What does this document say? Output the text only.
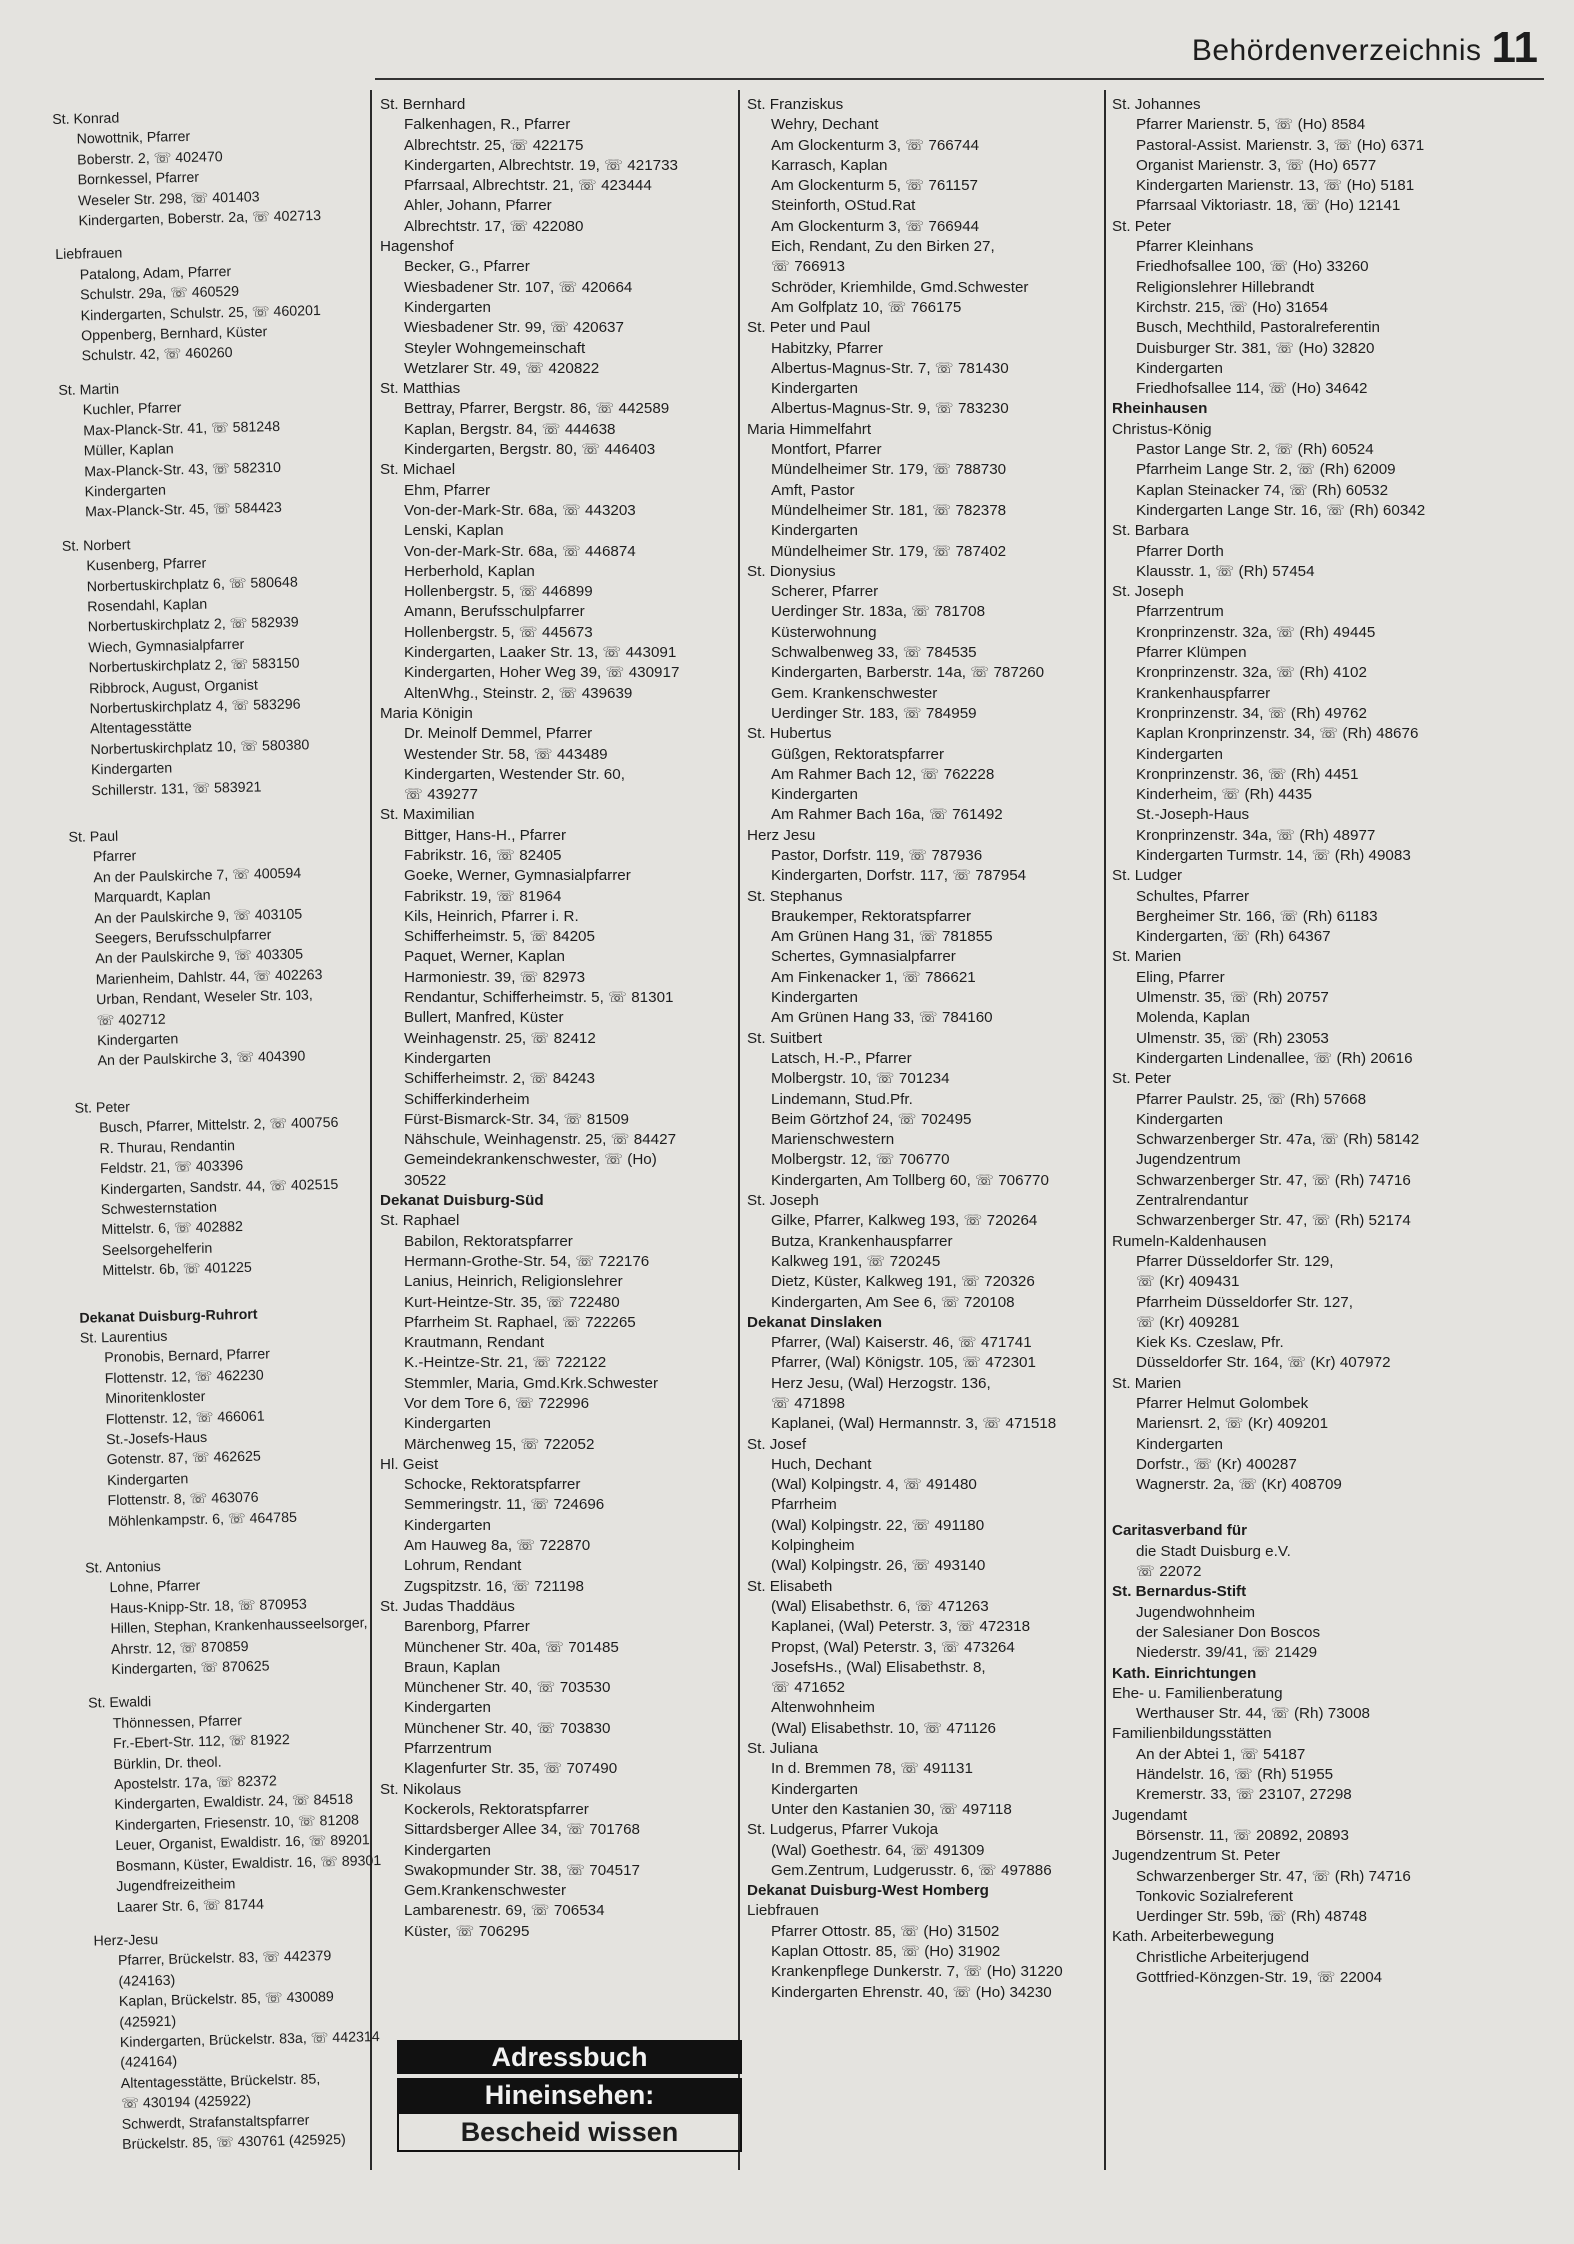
Behördenverzeichnis 11
St. Konrad
Nowottnik, Pfarrer
Boberstr. 2, ☏ 402470
Bornkessel, Pfarrer
Weseler Str. 298, ☏ 401403
Kindergarten, Boberstr. 2a, ☏ 402713
Liebfrauen
Patalong, Adam, Pfarrer
Schulstr. 29a, ☏ 460529
Kindergarten, Schulstr. 25, ☏ 460201
Oppenberg, Bernhard, Küster
Schulstr. 42, ☏ 460260
St. Martin
Kuchler, Pfarrer
Max-Planck-Str. 41, ☏ 581248
Müller, Kaplan
Max-Planck-Str. 43, ☏ 582310
Kindergarten
Max-Planck-Str. 45, ☏ 584423
St. Norbert
Kusenberg, Pfarrer
Norbertuskirchplatz 6, ☏ 580648
Rosendahl, Kaplan
Norbertuskirchplatz 2, ☏ 582939
Wiech, Gymnasialpfarrer
Norbertuskirchplatz 2, ☏ 583150
Ribbrock, August, Organist
Norbertuskirchplatz 4, ☏ 583296
Altentagesstätte
Norbertuskirchplatz 10, ☏ 580380
Kindergarten
Schillerstr. 131, ☏ 583921
St. Paul
Pfarrer
An der Paulskirche 7, ☏ 400594
Marquardt, Kaplan
An der Paulskirche 9, ☏ 403105
Seegers, Berufsschulpfarrer
An der Paulskirche 9, ☏ 403305
Marienheim, Dahlstr. 44, ☏ 402263
Urban, Rendant, Weseler Str. 103,
☏ 402712
Kindergarten
An der Paulskirche 3, ☏ 404390
St. Peter
Busch, Pfarrer, Mittelstr. 2, ☏ 400756
R. Thurau, Rendantin
Feldstr. 21, ☏ 403396
Kindergarten, Sandstr. 44, ☏ 402515
Schwesternstation
Mittelstr. 6, ☏ 402882
Seelsorgehelferin
Mittelstr. 6b, ☏ 401225
Dekanat Duisburg-Ruhrort
St. Laurentius
Pronobis, Bernard, Pfarrer
Flottenstr. 12, ☏ 462230
Minoritenkloster
Flottenstr. 12, ☏ 466061
St.-Josefs-Haus
Gotenstr. 87, ☏ 462625
Kindergarten
Flottenstr. 8, ☏ 463076
Möhlenkampstr. 6, ☏ 464785
St. Antonius
Lohne, Pfarrer
Haus-Knipp-Str. 18, ☏ 870953
Hillen, Stephan, Krankenhausseelsorger,
Ahrstr. 12, ☏ 870859
Kindergarten, ☏ 870625
St. Ewaldi
Thönnessen, Pfarrer
Fr.-Ebert-Str. 112, ☏ 81922
Bürklin, Dr. theol.
Apostelstr. 17a, ☏ 82372
Kindergarten, Ewaldistr. 24, ☏ 84518
Kindergarten, Friesenstr. 10, ☏ 81208
Leuer, Organist, Ewaldistr. 16, ☏ 89201
Bosmann, Küster, Ewaldistr. 16, ☏ 89301
Jugendfreizeitheim
Laarer Str. 6, ☏ 81744
Herz-Jesu
Pfarrer, Brückelstr. 83, ☏ 442379
(424163)
Kaplan, Brückelstr. 85, ☏ 430089
(425921)
Kindergarten, Brückelstr. 83a, ☏ 442314
(424164)
Altentagesstätte, Brückelstr. 85,
☏ 430194 (425922)
Schwerdt, Strafanstaltspfarrer
Brückelstr. 85, ☏ 430761 (425925)
St. Bernhard
Falkenhagen, R., Pfarrer
Albrechtstr. 25, ☏ 422175
Kindergarten, Albrechtstr. 19, ☏ 421733
Pfarrsaal, Albrechtstr. 21, ☏ 423444
Ahler, Johann, Pfarrer
Albrechtstr. 17, ☏ 422080
Hagenshof
Becker, G., Pfarrer
Wiesbadener Str. 107, ☏ 420664
Kindergarten
Wiesbadener Str. 99, ☏ 420637
Steyler Wohngemeinschaft
Wetzlarer Str. 49, ☏ 420822
St. Matthias
Bettray, Pfarrer, Bergstr. 86, ☏ 442589
Kaplan, Bergstr. 84, ☏ 444638
Kindergarten, Bergstr. 80, ☏ 446403
St. Michael
Ehm, Pfarrer
Von-der-Mark-Str. 68a, ☏ 443203
Lenski, Kaplan
Von-der-Mark-Str. 68a, ☏ 446874
Herberhold, Kaplan
Hollenbergstr. 5, ☏ 446899
Amann, Berufsschulpfarrer
Hollenbergstr. 5, ☏ 445673
Kindergarten, Laaker Str. 13, ☏ 443091
Kindergarten, Hoher Weg 39, ☏ 430917
AltenWhg., Steinstr. 2, ☏ 439639
Maria Königin
Dr. Meinolf Demmel, Pfarrer
Westender Str. 58, ☏ 443489
Kindergarten, Westender Str. 60,
☏ 439277
St. Maximilian
Bittger, Hans-H., Pfarrer
Fabrikstr. 16, ☏ 82405
Goeke, Werner, Gymnasialpfarrer
Fabrikstr. 19, ☏ 81964
Kils, Heinrich, Pfarrer i. R.
Schifferheimstr. 5, ☏ 84205
Paquet, Werner, Kaplan
Harmoniestr. 39, ☏ 82973
Rendantur, Schifferheimstr. 5, ☏ 81301
Bullert, Manfred, Küster
Weinhagenstr. 25, ☏ 82412
Kindergarten
Schifferheimstr. 2, ☏ 84243
Schifferkinderheim
Fürst-Bismarck-Str. 34, ☏ 81509
Nähschule, Weinhagenstr. 25, ☏ 84427
Gemeindekrankenschwester, ☏ (Ho)
30522
Dekanat Duisburg-Süd
St. Raphael
Babilon, Rektoratspfarrer
Hermann-Grothe-Str. 54, ☏ 722176
Lanius, Heinrich, Religionslehrer
Kurt-Heintze-Str. 35, ☏ 722480
Pfarrheim St. Raphael, ☏ 722265
Krautmann, Rendant
K.-Heintze-Str. 21, ☏ 722122
Stemmler, Maria, Gmd.Krk.Schwester
Vor dem Tore 6, ☏ 722996
Kindergarten
Märchenweg 15, ☏ 722052
Hl. Geist
Schocke, Rektoratspfarrer
Semmeringstr. 11, ☏ 724696
Kindergarten
Am Hauweg 8a, ☏ 722870
Lohrum, Rendant
Zugspitzstr. 16, ☏ 721198
St. Judas Thaddäus
Barenborg, Pfarrer
Münchener Str. 40a, ☏ 701485
Braun, Kaplan
Münchener Str. 40, ☏ 703530
Kindergarten
Münchener Str. 40, ☏ 703830
Pfarrzentrum
Klagenfurter Str. 35, ☏ 707490
St. Nikolaus
Kockerols, Rektoratspfarrer
Sittardsberger Allee 34, ☏ 701768
Kindergarten
Swakopmunder Str. 38, ☏ 704517
Gem.Krankenschwester
Lambarenestr. 69, ☏ 706534
Küster, ☏ 706295
St. Franziskus
Wehry, Dechant
Am Glockenturm 3, ☏ 766744
Karrasch, Kaplan
Am Glockenturm 5, ☏ 761157
Steinforth, OStud.Rat
Am Glockenturm 3, ☏ 766944
Eich, Rendant, Zu den Birken 27,
☏ 766913
Schröder, Kriemhilde, Gmd.Schwester
Am Golfplatz 10, ☏ 766175
St. Peter und Paul
Habitzky, Pfarrer
Albertus-Magnus-Str. 7, ☏ 781430
Kindergarten
Albertus-Magnus-Str. 9, ☏ 783230
Maria Himmelfahrt
Montfort, Pfarrer
Mündelheimer Str. 179, ☏ 788730
Amft, Pastor
Mündelheimer Str. 181, ☏ 782378
Kindergarten
Mündelheimer Str. 179, ☏ 787402
St. Dionysius
Scherer, Pfarrer
Uerdinger Str. 183a, ☏ 781708
Küsterwohnung
Schwalbenweg 33, ☏ 784535
Kindergarten, Barberstr. 14a, ☏ 787260
Gem. Krankenschwester
Uerdinger Str. 183, ☏ 784959
St. Hubertus
Güßgen, Rektoratspfarrer
Am Rahmer Bach 12, ☏ 762228
Kindergarten
Am Rahmer Bach 16a, ☏ 761492
Herz Jesu
Pastor, Dorfstr. 119, ☏ 787936
Kindergarten, Dorfstr. 117, ☏ 787954
St. Stephanus
Braukemper, Rektoratspfarrer
Am Grünen Hang 31, ☏ 781855
Schertes, Gymnasialpfarrer
Am Finkenacker 1, ☏ 786621
Kindergarten
Am Grünen Hang 33, ☏ 784160
St. Suitbert
Latsch, H.-P., Pfarrer
Molbergstr. 10, ☏ 701234
Lindemann, Stud.Pfr.
Beim Görtzhof 24, ☏ 702495
Marienschwestern
Molbergstr. 12, ☏ 706770
Kindergarten, Am Tollberg 60, ☏ 706770
St. Joseph
Gilke, Pfarrer, Kalkweg 193, ☏ 720264
Butza, Krankenhauspfarrer
Kalkweg 191, ☏ 720245
Dietz, Küster, Kalkweg 191, ☏ 720326
Kindergarten, Am See 6, ☏ 720108
Dekanat Dinslaken
Pfarrer, (Wal) Kaiserstr. 46, ☏ 471741
Pfarrer, (Wal) Königstr. 105, ☏ 472301
Herz Jesu, (Wal) Herzogstr. 136,
☏ 471898
Kaplanei, (Wal) Hermannstr. 3, ☏ 471518
St. Josef
Huch, Dechant
(Wal) Kolpingstr. 4, ☏ 491480
Pfarrheim
(Wal) Kolpingstr. 22, ☏ 491180
Kolpingheim
(Wal) Kolpingstr. 26, ☏ 493140
St. Elisabeth
(Wal) Elisabethstr. 6, ☏ 471263
Kaplanei, (Wal) Peterstr. 3, ☏ 472318
Propst, (Wal) Peterstr. 3, ☏ 473264
JosefsHs., (Wal) Elisabethstr. 8,
☏ 471652
Altenwohnheim
(Wal) Elisabethstr. 10, ☏ 471126
St. Juliana
In d. Bremmen 78, ☏ 491131
Kindergarten
Unter den Kastanien 30, ☏ 497118
St. Ludgerus, Pfarrer Vukoja
(Wal) Goethestr. 64, ☏ 491309
Gem.Zentrum, Ludgerusstr. 6, ☏ 497886
Dekanat Duisburg-West Homberg
Liebfrauen
Pfarrer Ottostr. 85, ☏ (Ho) 31502
Kaplan Ottostr. 85, ☏ (Ho) 31902
Krankenpflege Dunkerstr. 7, ☏ (Ho) 31220
Kindergarten Ehrenstr. 40, ☏ (Ho) 34230
St. Johannes
Pfarrer Marienstr. 5, ☏ (Ho) 8584
Pastoral-Assist. Marienstr. 3, ☏ (Ho) 6371
Organist Marienstr. 3, ☏ (Ho) 6577
Kindergarten Marienstr. 13, ☏ (Ho) 5181
Pfarrsaal Viktoriastr. 18, ☏ (Ho) 12141
St. Peter
Pfarrer Kleinhans
Friedhofsallee 100, ☏ (Ho) 33260
Religionslehrer Hillebrandt
Kirchstr. 215, ☏ (Ho) 31654
Busch, Mechthild, Pastoralreferentin
Duisburger Str. 381, ☏ (Ho) 32820
Kindergarten
Friedhofsallee 114, ☏ (Ho) 34642
Rheinhausen
Christus-König
Pastor Lange Str. 2, ☏ (Rh) 60524
Pfarrheim Lange Str. 2, ☏ (Rh) 62009
Kaplan Steinacker 74, ☏ (Rh) 60532
Kindergarten Lange Str. 16, ☏ (Rh) 60342
St. Barbara
Pfarrer Dorth
Klausstr. 1, ☏ (Rh) 57454
St. Joseph
Pfarrzentrum
Kronprinzenstr. 32a, ☏ (Rh) 49445
Pfarrer Klümpen
Kronprinzenstr. 32a, ☏ (Rh) 4102
Krankenhauspfarrer
Kronprinzenstr. 34, ☏ (Rh) 49762
Kaplan Kronprinzenstr. 34, ☏ (Rh) 48676
Kindergarten
Kronprinzenstr. 36, ☏ (Rh) 4451
Kinderheim, ☏ (Rh) 4435
St.-Joseph-Haus
Kronprinzenstr. 34a, ☏ (Rh) 48977
Kindergarten Turmstr. 14, ☏ (Rh) 49083
St. Ludger
Schultes, Pfarrer
Bergheimer Str. 166, ☏ (Rh) 61183
Kindergarten, ☏ (Rh) 64367
St. Marien
Eling, Pfarrer
Ulmenstr. 35, ☏ (Rh) 20757
Molenda, Kaplan
Ulmenstr. 35, ☏ (Rh) 23053
Kindergarten Lindenallee, ☏ (Rh) 20616
St. Peter
Pfarrer Paulstr. 25, ☏ (Rh) 57668
Kindergarten
Schwarzenberger Str. 47a, ☏ (Rh) 58142
Jugendzentrum
Schwarzenberger Str. 47, ☏ (Rh) 74716
Zentralrendantur
Schwarzenberger Str. 47, ☏ (Rh) 52174
Rumeln-Kaldenhausen
Pfarrer Düsseldorfer Str. 129,
☏ (Kr) 409431
Pfarrheim Düsseldorfer Str. 127,
☏ (Kr) 409281
Kiek Ks. Czeslaw, Pfr.
Düsseldorfer Str. 164, ☏ (Kr) 407972
St. Marien
Pfarrer Helmut Golombek
Mariensrt. 2, ☏ (Kr) 409201
Kindergarten
Dorfstr., ☏ (Kr) 400287
Wagnerstr. 2a, ☏ (Kr) 408709
Caritasverband für
die Stadt Duisburg e.V.
☏ 22072
St. Bernardus-Stift
Jugendwohnheim
der Salesianer Don Boscos
Niederstr. 39/41, ☏ 21429
Kath. Einrichtungen
Ehe- u. Familienberatung
Werthauser Str. 44, ☏ (Rh) 73008
Familienbildungsstätten
An der Abtei 1, ☏ 54187
Händelstr. 16, ☏ (Rh) 51955
Kremerstr. 33, ☏ 23107, 27298
Jugendamt
Börsenstr. 11, ☏ 20892, 20893
Jugendzentrum St. Peter
Schwarzenberger Str. 47, ☏ (Rh) 74716
Tonkovic Sozialreferent
Uerdinger Str. 59b, ☏ (Rh) 48748
Kath. Arbeiterbewegung
Christliche Arbeiterjugend
Gottfried-Könzgen-Str. 19, ☏ 22004
Adressbuch
Hineinsehen:
Bescheid wissen
